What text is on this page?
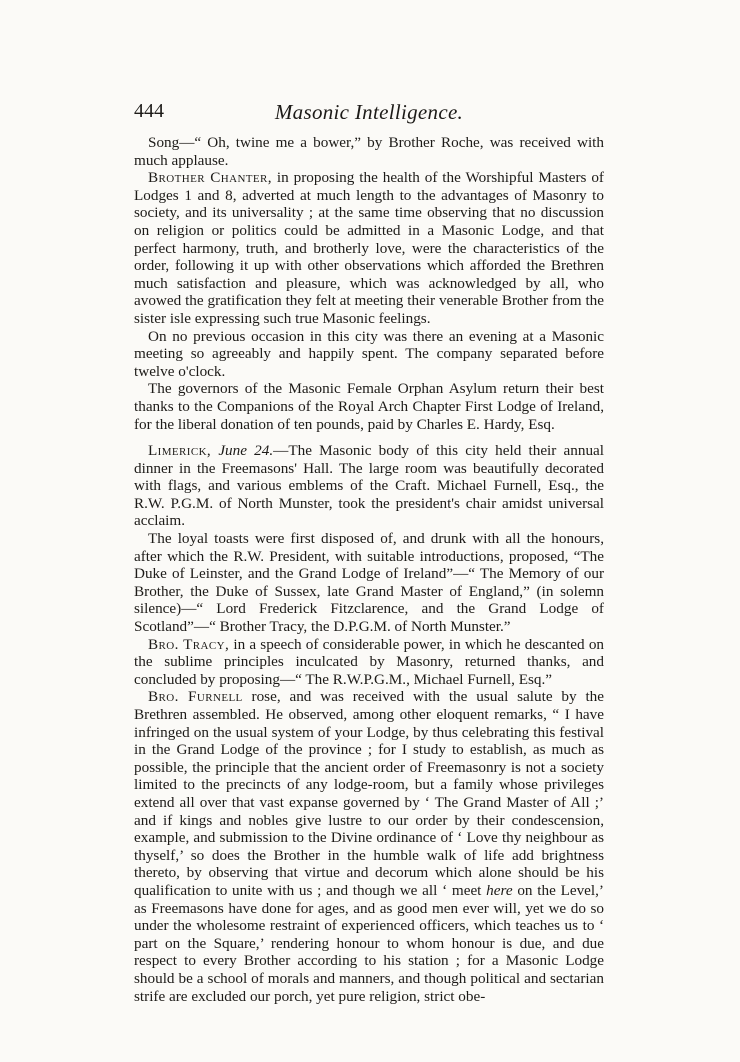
444	Masonic Intelligence.

Song—“ Oh, twine me a bower,” by Brother Roche, was received with much applause.

Brother Chanter, in proposing the health of the Worshipful Masters of Lodges 1 and 8, adverted at much length to the advantages of Masonry to society, and its universality ; at the same time observing that no discussion on religion or politics could be admitted in a Masonic Lodge, and that perfect harmony, truth, and brotherly love, were the characteristics of the order, following it up with other observations which afforded the Brethren much satisfaction and pleasure, which was acknowledged by all, who avowed the gratification they felt at meeting their venerable Brother from the sister isle expressing such true Masonic feelings.

On no previous occasion in this city was there an evening at a Masonic meeting so agreeably and happily spent. The company separated before twelve o'clock.

The governors of the Masonic Female Orphan Asylum return their best thanks to the Companions of the Royal Arch Chapter First Lodge of Ireland, for the liberal donation of ten pounds, paid by Charles E. Hardy, Esq.

Limerick, June 24.—The Masonic body of this city held their annual dinner in the Freemasons' Hall. The large room was beautifully decorated with flags, and various emblems of the Craft. Michael Furnell, Esq., the R.W. P.G.M. of North Munster, took the president's chair amidst universal acclaim.

The loyal toasts were first disposed of, and drunk with all the honours, after which the R.W. President, with suitable introductions, proposed, “The Duke of Leinster, and the Grand Lodge of Ireland”—“ The Memory of our Brother, the Duke of Sussex, late Grand Master of England,” (in solemn silence)—“ Lord Frederick Fitzclarence, and the Grand Lodge of Scotland”—“ Brother Tracy, the D.P.G.M. of North Munster.”

Bro. Tracy, in a speech of considerable power, in which he descanted on the sublime principles inculcated by Masonry, returned thanks, and concluded by proposing—“ The R.W.P.G.M., Michael Furnell, Esq.”

Bro. Furnell rose, and was received with the usual salute by the Brethren assembled. He observed, among other eloquent remarks, “ I have infringed on the usual system of your Lodge, by thus celebrating this festival in the Grand Lodge of the province ; for I study to establish, as much as possible, the principle that the ancient order of Freemasonry is not a society limited to the precincts of any lodge-room, but a family whose privileges extend all over that vast expanse governed by ‘ The Grand Master of All ;’ and if kings and nobles give lustre to our order by their condescension, example, and submission to the Divine ordinance of ‘ Love thy neighbour as thyself,’ so does the Brother in the humble walk of life add brightness thereto, by observing that virtue and decorum which alone should be his qualification to unite with us ; and though we all ‘ meet here on the Level,’ as Freemasons have done for ages, and as good men ever will, yet we do so under the wholesome restraint of experienced officers, which teaches us to ‘ part on the Square,’ rendering honour to whom honour is due, and due respect to every Brother according to his station ; for a Masonic Lodge should be a school of morals and manners, and though political and sectarian strife are excluded our porch, yet pure religion, strict obe-
